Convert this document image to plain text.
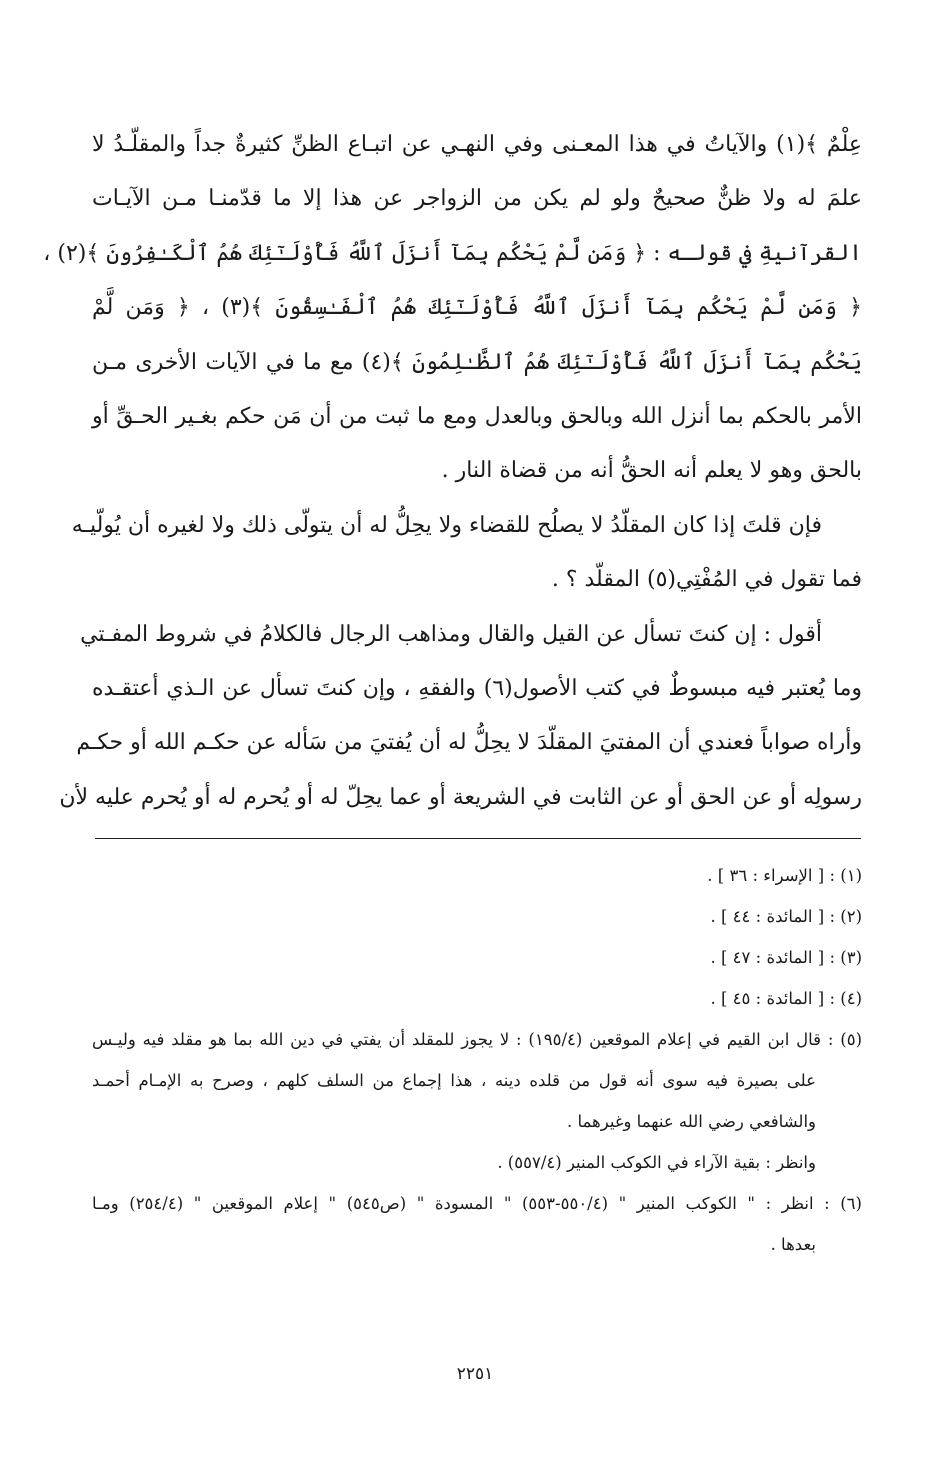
عِلْمٌ ﴾(١) والآياتُ في هذا المعـنى وفي النهـي عن اتبـاع الظنِّ كثيرةٌ جداً والمقلّـدُ لا
علمَ له ولا ظنٌّ صحيحٌ ولو لم يكن من الزواجر عن هذا إلا ما قدّمنـا مـن الآيـات
القرآنيةِ في قولـه : ﴿ وَمَن لَّمْ يَحْكُم بِمَآ أَنزَلَ ٱللَّهُ فَأُوْلَـٰٓئِكَ هُمُ ٱلْكَـٰفِرُونَ ﴾(٢) ،
﴿ وَمَن لَّمْ يَحْكُم بِمَآ أَنزَلَ ٱللَّهُ فَأُوْلَـٰٓئِكَ هُمُ ٱلْفَـٰسِقُونَ ﴾(٣) ، ﴿ وَمَن لَّمْ
يَحْكُم بِمَآ أَنزَلَ ٱللَّهُ فَأُوْلَـٰٓئِكَ هُمُ ٱلظَّـٰلِمُونَ ﴾(٤) مع ما في الآيات الأخرى مـن
الأمر بالحكم بما أنزل الله وبالحق وبالعدل ومع ما ثبت من أن مَن حكم بغـير الحـقِّ أو
بالحق وهو لا يعلم أنه الحقُّ أنه من قضاة النار .
فإن قلتَ إذا كان المقلّدُ لا يصلُح للقضاء ولا يحِلُّ له أن يتولّى ذلك ولا لغيره أن يُولّيـه
فما تقول في المُفْتِي(٥) المقلّد ؟ .
أقول : إن كنتَ تسأل عن القيل والقال ومذاهب الرجال فالكلامُ في شروط المفـتي
وما يُعتبر فيه مبسوطٌ في كتب الأصول(٦) والفقهِ ، وإن كنتَ تسأل عن الـذي أعتقـده
وأراه صواباً فعندي أن المفتيَ المقلّدَ لا يحِلُّ له أن يُفتيَ من سَأله عن حكـم الله أو حكـم
رسولِه أو عن الحق أو عن الثابت في الشريعة أو عما يحِلّ له أو يُحرم له أو يُحرم عليه لأن
(١) : [ الإسراء : ٣٦ ] .
(٢) : [ المائدة : ٤٤ ] .
(٣) : [ المائدة : ٤٧ ] .
(٤) : [ المائدة : ٤٥ ] .
(٥) : قال ابن القيم في إعلام الموقعين (١٩٥/٤) : لا يجوز للمقلد أن يفتي في دين الله بما هو مقلد فيه وليـس
على بصيرة فيه سوى أنه قول من قلده دينه ، هذا إجماع من السلف كلهم ، وصرح به الإمـام أحمـد
والشافعي رضي الله عنهما وغيرهما .
وانظر : بقية الآراء في الكوكب المنير (٥٥٧/٤) .
(٦) : انظر : " الكوكب المنير " (٥٥٠/٤-٥٥٣) " المسودة " (ص٥٤٥) " إعلام الموقعين " (٢٥٤/٤) ومـا
بعدها .
٢٢٥١
